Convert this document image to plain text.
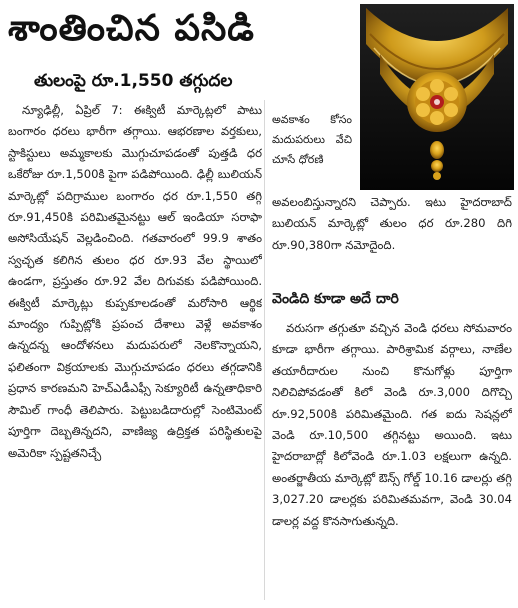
శాంతించిన పసిడి
తులంపై రూ.1,550 తగ్గుదల

న్యూఢిల్లీ, ఏప్రిల్ 7: ఈక్విటీ మార్కెట్లలో పాటు బంగారం ధరలు భారీగా తగ్గాయి. ఆభరణాల వర్తకులు, స్టాకిస్టులు అమ్మకాలకు మొగ్గుచూపడంతో పుత్తడి ధర ఒకేరోజు రూ.1,500కి పైగా పడిపోయింది. ఢిల్లీ బులియన్ మార్కెట్లో పదిగ్రాముల బంగారం ధర రూ.1,550 తగ్గి రూ.91,450కి పరిమితమైనట్టు ఆల్ ఇండియా సరాఫా అసోసియేషన్ వెల్లడించింది. గతవారంలో 99.9 శాతం స్వచ్ఛత కలిగిన తులం ధర రూ.93 వేల స్థాయిలో ఉండగా, ప్రస్తుతం రూ.92 వేల దిగువకు పడిపోయింది. ఈక్విటీ మార్కెట్లు కుప్పకూలడంతో మరోసారి ఆర్థిక మాంద్యం గుప్పిట్లోకి ప్రపంచ దేశాలు వెళ్లే అవకాశం ఉన్నదన్న ఆందోళనలు మదుపరులో నెలకొన్నాయని, ఫలితంగా విక్రయాలకు మొగ్గుచూపడం ధరలు తగ్గడానికి ప్రధాన కారణమని హెచ్ఎడీఎఫ్సీ సెక్యూరిటీ ఉన్నతాధికారి సౌమిల్ గాంధీ తెలిపారు. పెట్టుబడిదారుల్లో సెంటిమెంట్ పూర్తిగా దెబ్బతిన్నదని, వాణిజ్య ఉద్రిక్తత పరిస్థితులపై అమెరికా స్పష్టతనిచ్చే

అవకాశం కోసం మదుపరులు వేచి చూసే ధోరణి

అవలంబిస్తున్నారని చెప్పారు. ఇటు హైదరాబాద్ బులియన్ మార్కెట్లో తులం ధర రూ.280 దిగి రూ.90,380గా నమోదైంది.

వెండిది కూడా అదే దారి

వరుసగా తగ్గుతూ వచ్చిన వెండి ధరలు సోమవారం కూడా భారీగా తగ్గాయి. పారిశ్రామిక వర్గాలు, నాణేల తయారీదారుల నుంచి కొనుగోళ్లు పూర్తిగా నిలిచిపోవడంతో కిలో వెండి రూ.3,000 దిగొచ్చి రూ.92,500కి పరిమితమైంది. గత ఐదు సెషన్లలో వెండి రూ.10,500 తగ్గినట్టు అయింది. ఇటు హైదరాబాద్లో కిలోవెండి రూ.1.03 లక్షలుగా ఉన్నది. అంతర్జాతీయ మార్కెట్లో ఔన్స్ గోల్డ్ 10.16 డాలర్లు తగ్గి 3,027.20 డాలర్లకు పరిమితమవగా, వెండి 30.04 డాలర్ల వద్ద కొనసాగుతున్నది.
